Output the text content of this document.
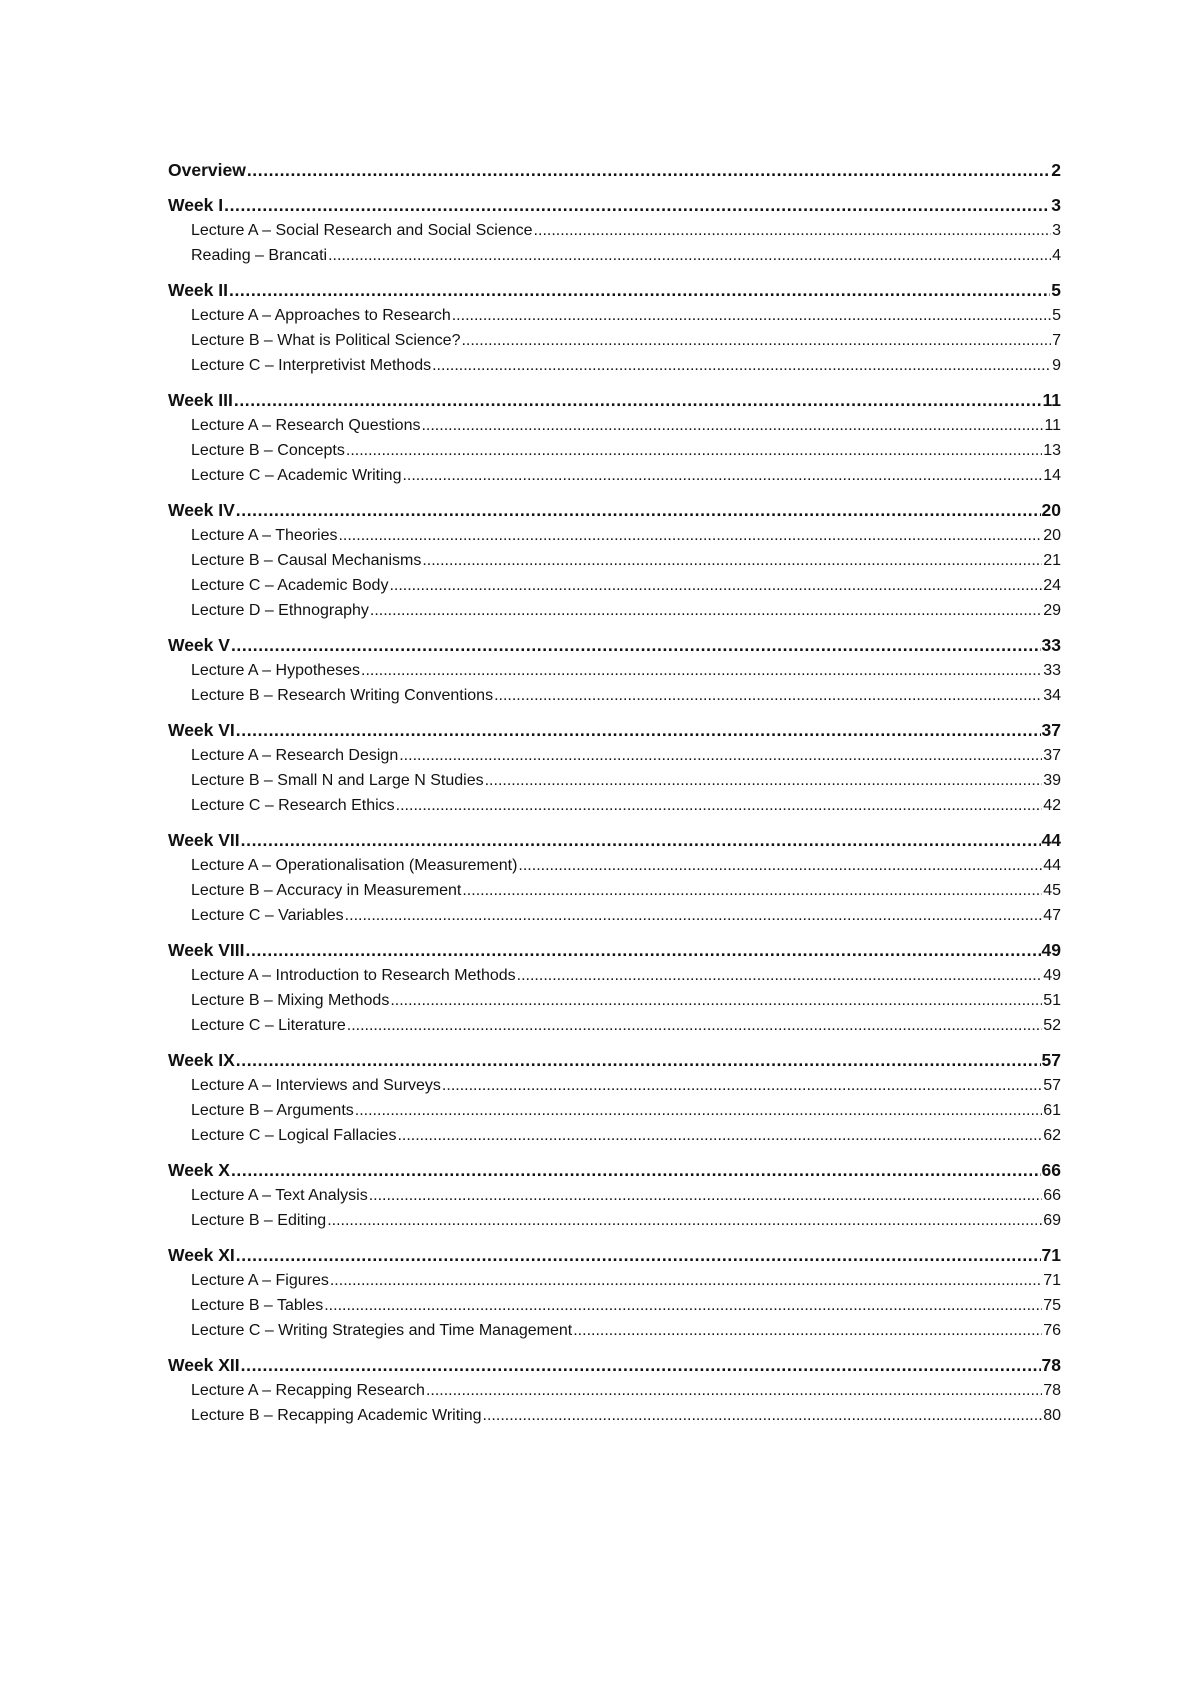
Overview .....	2
Week I .....	3
Lecture A – Social Research and Social Science .....	3
Reading – Brancati .....	4
Week II .....	5
Lecture A – Approaches to Research .....	5
Lecture B – What is Political Science? .....	7
Lecture C – Interpretivist Methods .....	9
Week III .....	11
Lecture A – Research Questions .....	11
Lecture B – Concepts .....	13
Lecture C – Academic Writing .....	14
Week IV .....	20
Lecture A – Theories .....	20
Lecture B – Causal Mechanisms .....	21
Lecture C – Academic Body .....	24
Lecture D – Ethnography .....	29
Week V .....	33
Lecture A – Hypotheses .....	33
Lecture B – Research Writing Conventions .....	34
Week VI .....	37
Lecture A – Research Design .....	37
Lecture B – Small N and Large N Studies .....	39
Lecture C – Research Ethics .....	42
Week VII .....	44
Lecture A – Operationalisation (Measurement) .....	44
Lecture B – Accuracy in Measurement .....	45
Lecture C – Variables .....	47
Week VIII .....	49
Lecture A – Introduction to Research Methods .....	49
Lecture B – Mixing Methods .....	51
Lecture C – Literature .....	52
Week IX .....	57
Lecture A – Interviews and Surveys .....	57
Lecture B – Arguments .....	61
Lecture C – Logical Fallacies .....	62
Week X .....	66
Lecture A – Text Analysis .....	66
Lecture B – Editing .....	69
Week XI .....	71
Lecture A – Figures .....	71
Lecture B – Tables .....	75
Lecture C – Writing Strategies and Time Management .....	76
Week XII .....	78
Lecture A – Recapping Research .....	78
Lecture B – Recapping Academic Writing .....	80
